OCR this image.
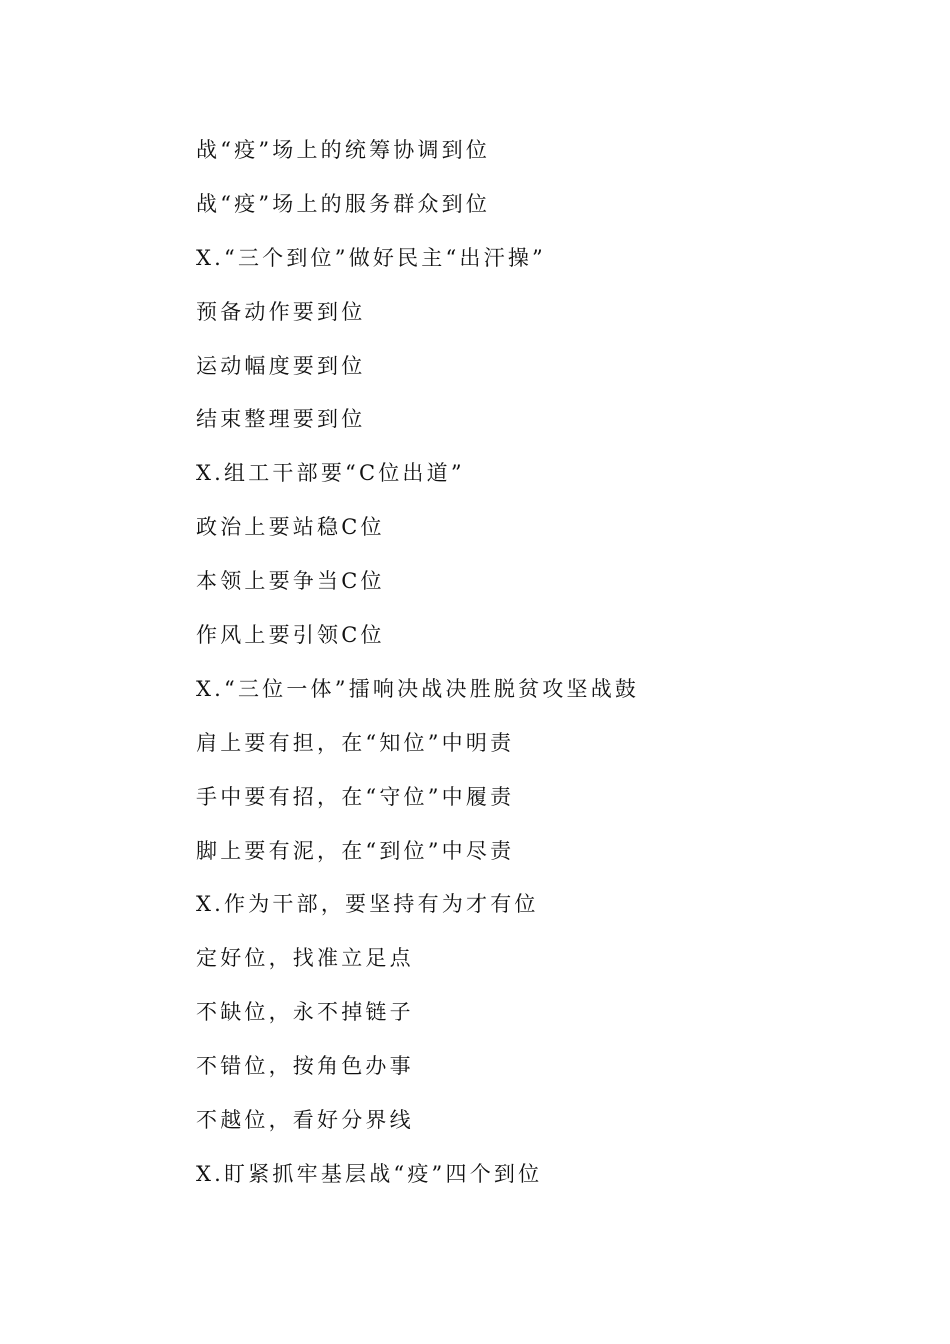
战“疫”场上的统筹协调到位
战“疫”场上的服务群众到位
X.“三个到位”做好民主“出汗操”
预备动作要到位
运动幅度要到位
结束整理要到位
X.组工干部要“C位出道”
政治上要站稳C位
本领上要争当C位
作风上要引领C位
X.“三位一体”擂响决战决胜脱贫攻坚战鼓
肩上要有担，在“知位”中明责
手中要有招，在“守位”中履责
脚上要有泥，在“到位”中尽责
X.作为干部，要坚持有为才有位
定好位，找准立足点
不缺位，永不掉链子
不错位，按角色办事
不越位，看好分界线
X.盯紧抓牢基层战“疫”四个到位
